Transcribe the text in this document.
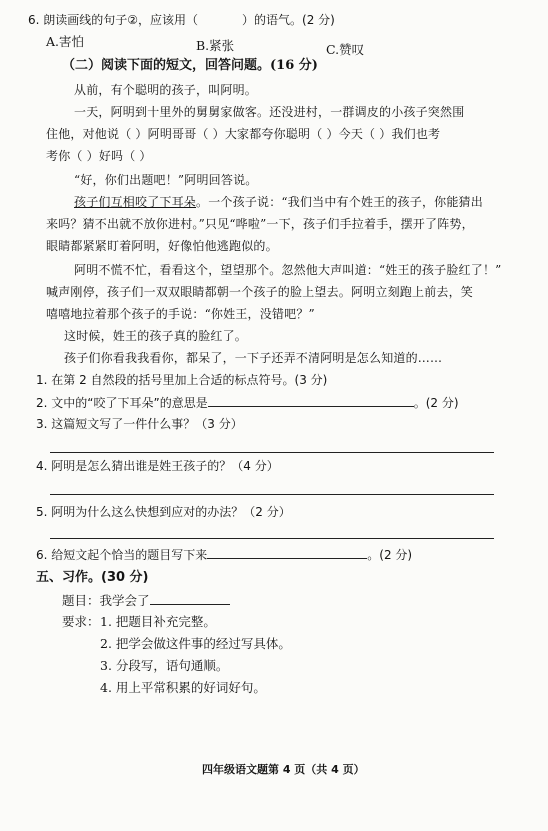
6. 朗读画线的句子②，应该用（	）的语气。(2 分)
A.害怕	B.紧张	C.赞叹
（二）阅读下面的短文，回答问题。(16 分)
从前，有个聪明的孩子，叫阿明。
一天，阿明到十里外的舅舅家做客。还没进村，一群调皮的小孩子突然围
住他，对他说（ ）阿明哥哥（ ）大家都夸你聪明（ ）今天（ ）我们也考
考你（ ）好吗（ ）
“好，你们出题吧！”阿明回答说。
孩子们互相咬了下耳朵。一个孩子说：“我们当中有个姓王的孩子，你能猜出
来吗？猜不出就不放你进村。”只见“哗啦”一下，孩子们手拉着手，摆开了阵势，
眼睛都紧紧盯着阿明，好像怕他逃跑似的。
阿明不慌不忙，看看这个，望望那个。忽然他大声叫道：“姓王的孩子脸红了！”
喊声刚停，孩子们一双双眼睛都朝一个孩子的脸上望去。阿明立刻跑上前去，笑
嘻嘻地拉着那个孩子的手说：“你姓王，没错吧？”
这时候，姓王的孩子真的脸红了。
孩子们你看我我看你，都呆了，一下子还弄不清阿明是怎么知道的……
1. 在第 2 自然段的括号里加上合适的标点符号。(3 分)
2. 文中的“咬了下耳朵”的意思是	。(2 分)
3. 这篇短文写了一件什么事？（3 分）
4. 阿明是怎么猜出谁是姓王孩子的？（4 分）
5. 阿明为什么这么快想到应对的办法？（2 分）
6. 给短文起个恰当的题目写下来	。(2 分)
五、习作。(30 分)
题目：我学会了
要求： 1. 把题目补充完整。
2. 把学会做这件事的经过写具体。
3. 分段写，语句通顺。
4. 用上平常积累的好词好句。
四年级语文题第 4 页（共 4 页）
